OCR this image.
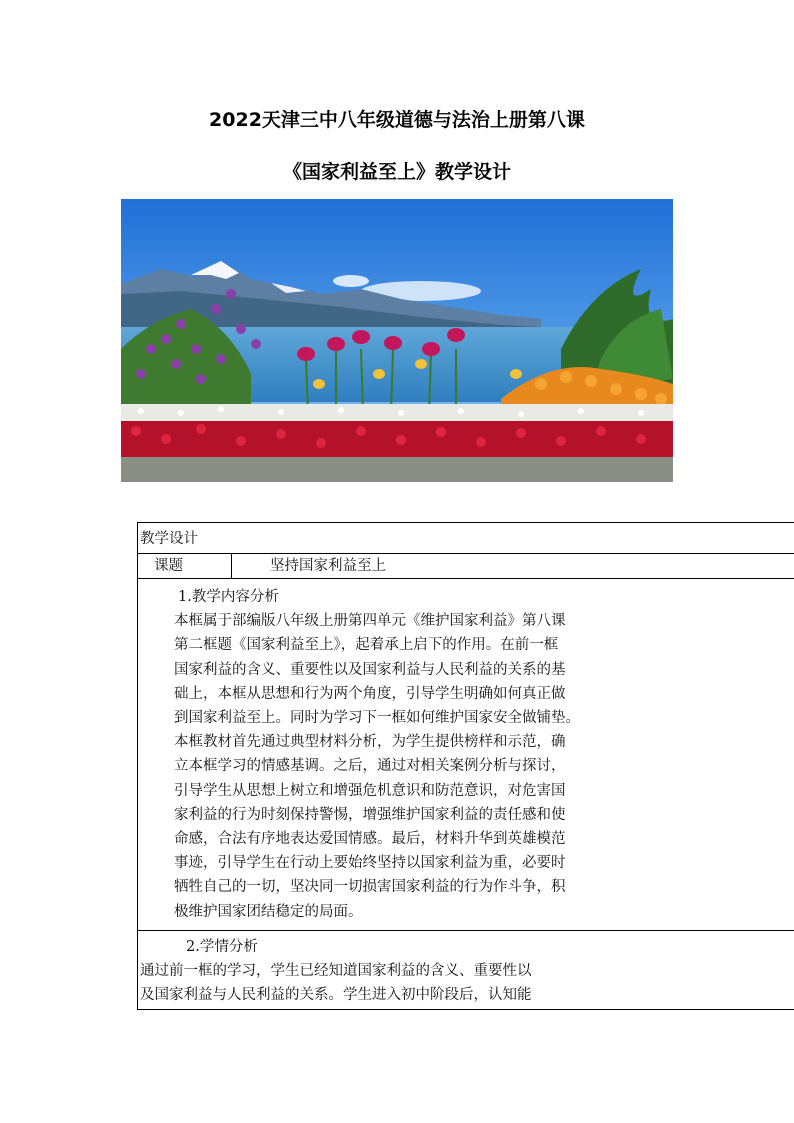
2022天津三中八年级道德与法治上册第八课
《国家利益至上》教学设计
教学设计
课题	坚持国家利益至上

1.教学内容分析

本框属于部编版八年级上册第四单元《维护国家利益》第八课

第二框题《国家利益至上》，起着承上启下的作用。在前一框

国家利益的含义、重要性以及国家利益与人民利益的关系的基

础上，本框从思想和行为两个角度，引导学生明确如何真正做

到国家利益至上。同时为学习下一框如何维护国家安全做铺垫。

本框教材首先通过典型材料分析，为学生提供榜样和示范，确

立本框学习的情感基调。之后，通过对相关案例分析与探讨，

引导学生从思想上树立和增强危机意识和防范意识，对危害国

家利益的行为时刻保持警惕，增强维护国家利益的责任感和使

命感，合法有序地表达爱国情感。最后，材料升华到英雄模范

事迹，引导学生在行动上要始终坚持以国家利益为重，必要时

牺牲自己的一切，坚决同一切损害国家利益的行为作斗争，积

极维护国家团结稳定的局面。

2.学情分析

通过前一框的学习，学生已经知道国家利益的含义、重要性以

及国家利益与人民利益的关系。学生进入初中阶段后，认知能
